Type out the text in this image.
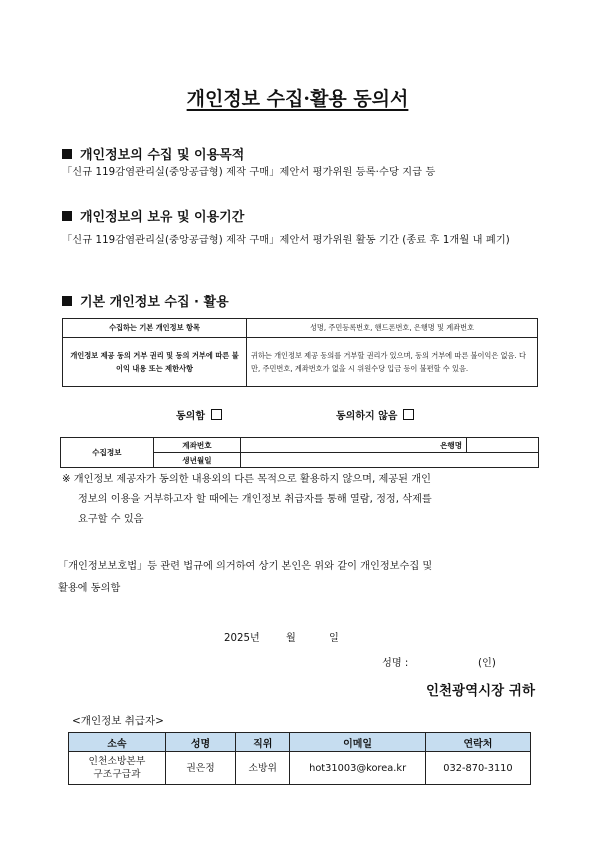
개인정보 수집·활용 동의서
개인정보의 수집 및 이용목적
「신규 119감염관리실(중앙공급형) 제작 구매」제안서 평가위원 등록·수당 지급 등
개인정보의 보유 및 이용기간
「신규 119감염관리실(중앙공급형) 제작 구매」제안서 평가위원 활동 기간 (종료 후 1개월 내 폐기)
기본 개인정보 수집 · 활용
수집하는 기본 개인정보 항목	성명, 주민등록번호, 핸드폰번호, 은행명 및 계좌번호
개인정보 제공 동의 거부 권리 및 동의 거부에 따른 불이익 내용 또는 제한사항	귀하는 개인정보 제공 동의를 거부할 권리가 있으며, 동의 거부에 따른 불이익은 없음. 다만, 주민번호, 계좌번호가 없을 시 위원수당 입금 등이 불편할 수 있음.
동의함	동의하지 않음
수집정보	계좌번호		은행명	
	생년월일			
※ 개인정보 제공자가 동의한 내용외의 다른 목적으로 활용하지 않으며, 제공된 개인
정보의 이용을 거부하고자 할 때에는 개인정보 취급자를 통해 열람, 정정, 삭제를
요구할 수 있음
「개인정보보호법」등 관련 법규에 의거하여 상기 본인은 위와 같이 개인정보수집 및
활용에 동의함
2025년	월	일
성명 :	(인)
인천광역시장 귀하
<개인정보 취급자>
소속	성명	직위	이메일	연락처

인천소방본부
구조구급과	권은정	소방위	hot31003@korea.kr	032-870-3110
